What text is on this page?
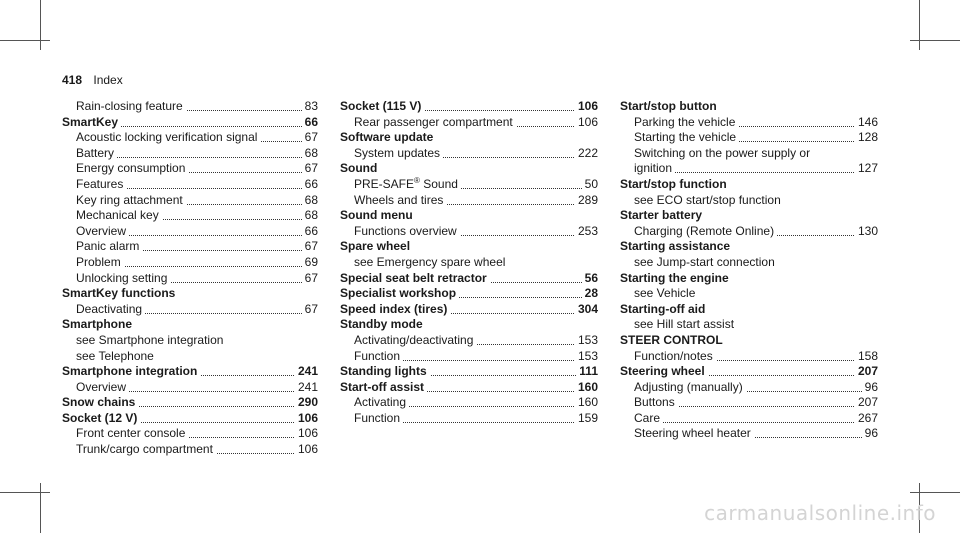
418 Index
Rain-closing feature	83
SmartKey	66
Acoustic locking verification signal	67
Battery	68
Energy consumption	67
Features	66
Key ring attachment	68
Mechanical key	68
Overview	66
Panic alarm	67
Problem	69
Unlocking setting	67
SmartKey functions
Deactivating	67
Smartphone
see Smartphone integration
see Telephone
Smartphone integration	241
Overview	241
Snow chains	290
Socket (12 V)	106
Front center console	106
Trunk/cargo compartment	106
Socket (115 V)	106
Rear passenger compartment	106
Software update
System updates	222
Sound
PRE-SAFE® Sound	50
Wheels and tires	289
Sound menu
Functions overview	253
Spare wheel
see Emergency spare wheel
Special seat belt retractor	56
Specialist workshop	28
Speed index (tires)	304
Standby mode
Activating/deactivating	153
Function	153
Standing lights	111
Start-off assist	160
Activating	160
Function	159
Start/stop button
Parking the vehicle	146
Starting the vehicle	128
Switching on the power supply or
ignition	127
Start/stop function
see ECO start/stop function
Starter battery
Charging (Remote Online)	130
Starting assistance
see Jump-start connection
Starting the engine
see Vehicle
Starting-off aid
see Hill start assist
STEER CONTROL
Function/notes	158
Steering wheel	207
Adjusting (manually)	96
Buttons	207
Care	267
Steering wheel heater	96
carmanualsonline.info
